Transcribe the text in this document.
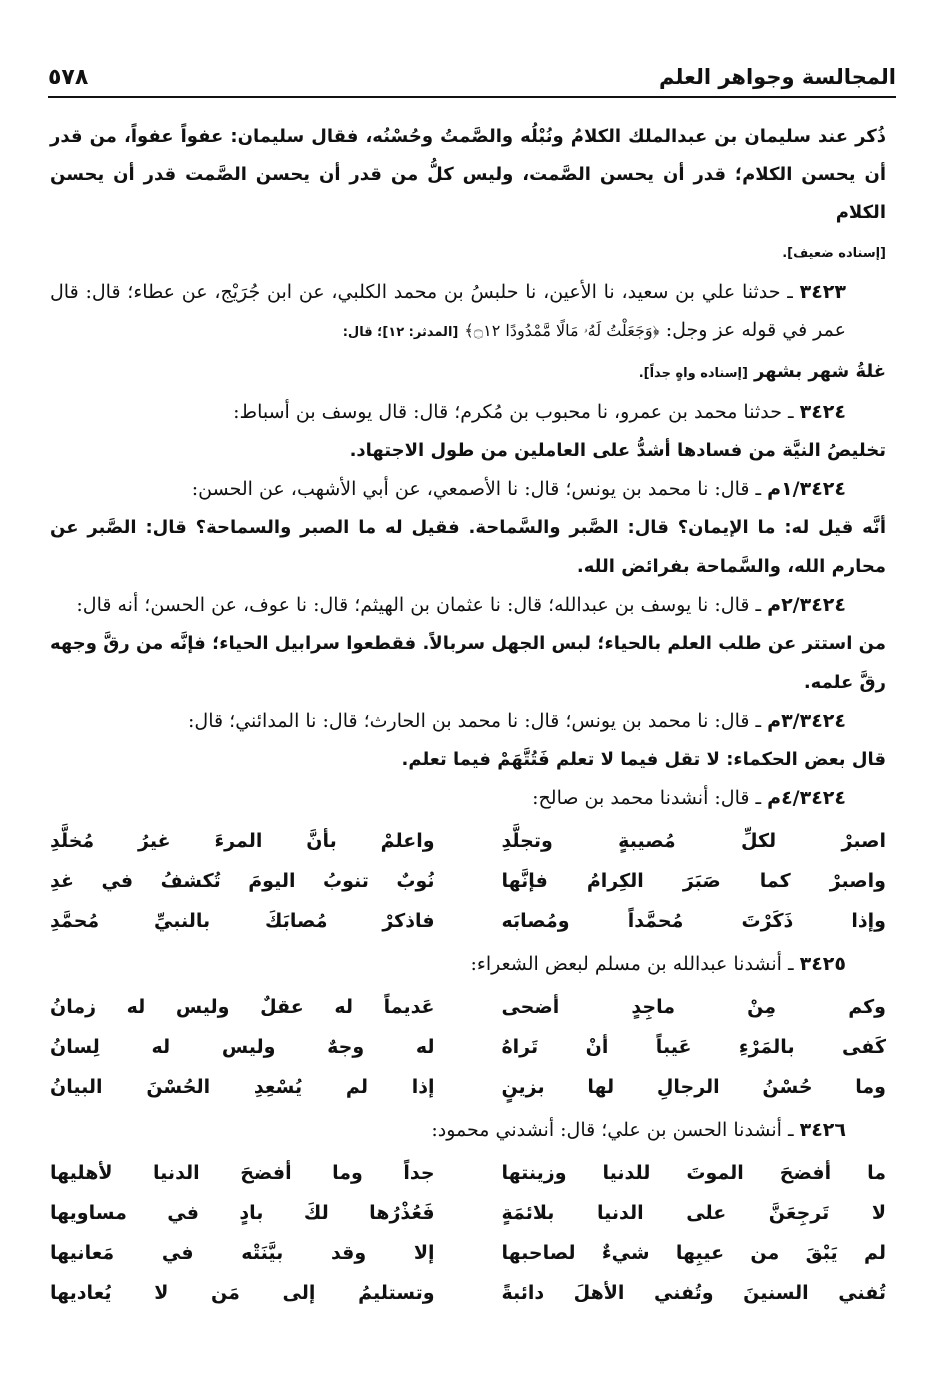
المجالسة وجواهر العلم
٥٧٨

ذُكر عند سليمان بن عبدالملك الكلامُ ونُبْلُه والصَّمتُ وحُسْنُه، فقال سليمان: عفواً عفواً، من قدر أن يحسن الكلام؛ قدر أن يحسن الصَّمت، وليس كلُّ من قدر أن يحسن الصَّمت قدر أن يحسن الكلام

[إسناده ضعيف].

٣٤٢٣ ـ حدثنا علي بن سعيد، نا الأعين، نا حلبسُ بن محمد الكلبي، عن ابن جُرَيْج، عن عطاء؛ قال: قال عمر في قوله عز وجل: ﴿وَجَعَلْتُ لَهُۥ مَالًا مَّمْدُودًا ۝١٢﴾ [المدثر: ١٢]؛ قال:

غلةُ شهر بشهر [إسناده واهٍ جداً].

٣٤٢٤ ـ حدثنا محمد بن عمرو، نا محبوب بن مُكرم؛ قال: قال يوسف بن أسباط:

تخليصُ النيَّة من فسادها أشدُّ على العاملين من طول الاجتهاد.

١/٣٤٢٤م ـ قال: نا محمد بن يونس؛ قال: نا الأصمعي، عن أبي الأشهب، عن الحسن:

أنَّه قيل له: ما الإيمان؟ قال: الصَّبر والسَّماحة. فقيل له ما الصبر والسماحة؟ قال: الصَّبر عن محارم الله، والسَّماحة بفرائض الله.

٢/٣٤٢٤م ـ قال: نا يوسف بن عبدالله؛ قال: نا عثمان بن الهيثم؛ قال: نا عوف، عن الحسن؛ أنه قال:

من استتر عن طلب العلم بالحياء؛ لبس الجهل سربالاً. فقطعوا سرابيل الحياء؛ فإنَّه من رقَّ وجهه رقَّ علمه.

٣/٣٤٢٤م ـ قال: نا محمد بن يونس؛ قال: نا محمد بن الحارث؛ قال: نا المدائني؛ قال:

قال بعض الحكماء: لا تقل فيما لا تعلم فَتُتَّهَمْ فيما تعلم.

٤/٣٤٢٤م ـ قال: أنشدنا محمد بن صالح:

اصبرْ لكلِّ مُصيبةٍ وتجلَّدِ
واعلمْ بأنَّ المرءَ غيرُ مُخلَّدِ
واصبرْ كما صَبَرَ الكِرامُ فإنَّها
نُوبٌ تنوبُ اليومَ تُكشفُ في غدِ
وإذا ذَكَرْتَ مُحمَّداً ومُصابَه
فاذكرْ مُصابَكَ بالنبيِّ مُحمَّدِ

٣٤٢٥ ـ أنشدنا عبدالله بن مسلم لبعض الشعراء:

وكم مِنْ ماجِدٍ أضحى
عَديماً له عقلٌ وليس له زمانُ
كَفى بالمَرْءِ عَيباً أنْ تَراهُ
له وجهٌ وليس له لِسانُ
وما حُسْنُ الرجالِ لها بزينٍ
إذا لم يُسْعِدِ الحُسْنَ البيانُ

٣٤٢٦ ـ أنشدنا الحسن بن علي؛ قال: أنشدني محمود:

ما أفضحَ الموتَ للدنيا وزينتها
جداً وما أفضحَ الدنيا لأهليها
لا تَرجِعَنَّ على الدنيا بلائمَةٍ
فَعُذْرُها لكَ بادٍ في مساويها
لم يَبْقَ من عيبِها شيءٌ لصاحبها
إلا وقد بيَّنَتْه في مَعانيها
تُفني السنينَ وتُفني الأهلَ دائبةً
وتستليمُ إلى مَن لا يُعاديها
